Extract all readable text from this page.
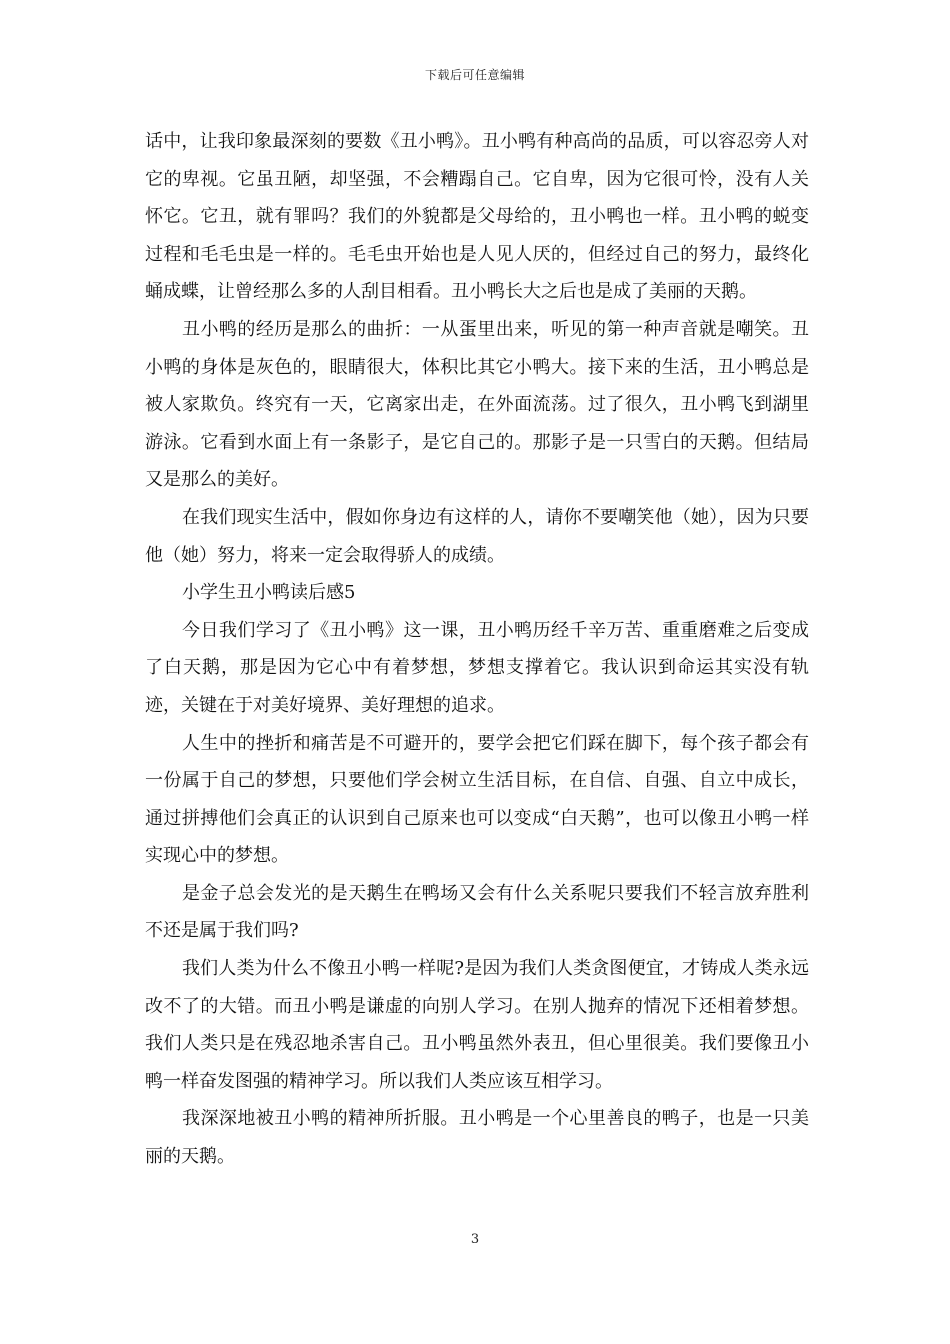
下载后可任意编辑

话中，让我印象最深刻的要数《丑小鸭》。丑小鸭有种高尚的品质，可以容忍旁人对它的卑视。它虽丑陋，却坚强，不会糟蹋自己。它自卑，因为它很可怜，没有人关怀它。它丑，就有罪吗？我们的外貌都是父母给的，丑小鸭也一样。丑小鸭的蜕变过程和毛毛虫是一样的。毛毛虫开始也是人见人厌的，但经过自己的努力，最终化蛹成蝶，让曾经那么多的人刮目相看。丑小鸭长大之后也是成了美丽的天鹅。

丑小鸭的经历是那么的曲折：一从蛋里出来，听见的第一种声音就是嘲笑。丑小鸭的身体是灰色的，眼睛很大，体积比其它小鸭大。接下来的生活，丑小鸭总是被人家欺负。终究有一天，它离家出走，在外面流荡。过了很久，丑小鸭飞到湖里游泳。它看到水面上有一条影子，是它自己的。那影子是一只雪白的天鹅。但结局又是那么的美好。

在我们现实生活中，假如你身边有这样的人，请你不要嘲笑他（她），因为只要他（她）努力，将来一定会取得骄人的成绩。

小学生丑小鸭读后感5

今日我们学习了《丑小鸭》这一课，丑小鸭历经千辛万苦、重重磨难之后变成了白天鹅，那是因为它心中有着梦想，梦想支撑着它。我认识到命运其实没有轨迹，关键在于对美好境界、美好理想的追求。

人生中的挫折和痛苦是不可避开的，要学会把它们踩在脚下，每个孩子都会有一份属于自己的梦想，只要他们学会树立生活目标，在自信、自强、自立中成长，通过拼搏他们会真正的认识到自己原来也可以变成“白天鹅”，也可以像丑小鸭一样实现心中的梦想。

是金子总会发光的是天鹅生在鸭场又会有什么关系呢只要我们不轻言放弃胜利不还是属于我们吗?

我们人类为什么不像丑小鸭一样呢?是因为我们人类贪图便宜，才铸成人类永远改不了的大错。而丑小鸭是谦虚的向别人学习。在别人抛弃的情况下还相着梦想。我们人类只是在残忍地杀害自己。丑小鸭虽然外表丑，但心里很美。我们要像丑小鸭一样奋发图强的精神学习。所以我们人类应该互相学习。

我深深地被丑小鸭的精神所折服。丑小鸭是一个心里善良的鸭子，也是一只美丽的天鹅。

3
